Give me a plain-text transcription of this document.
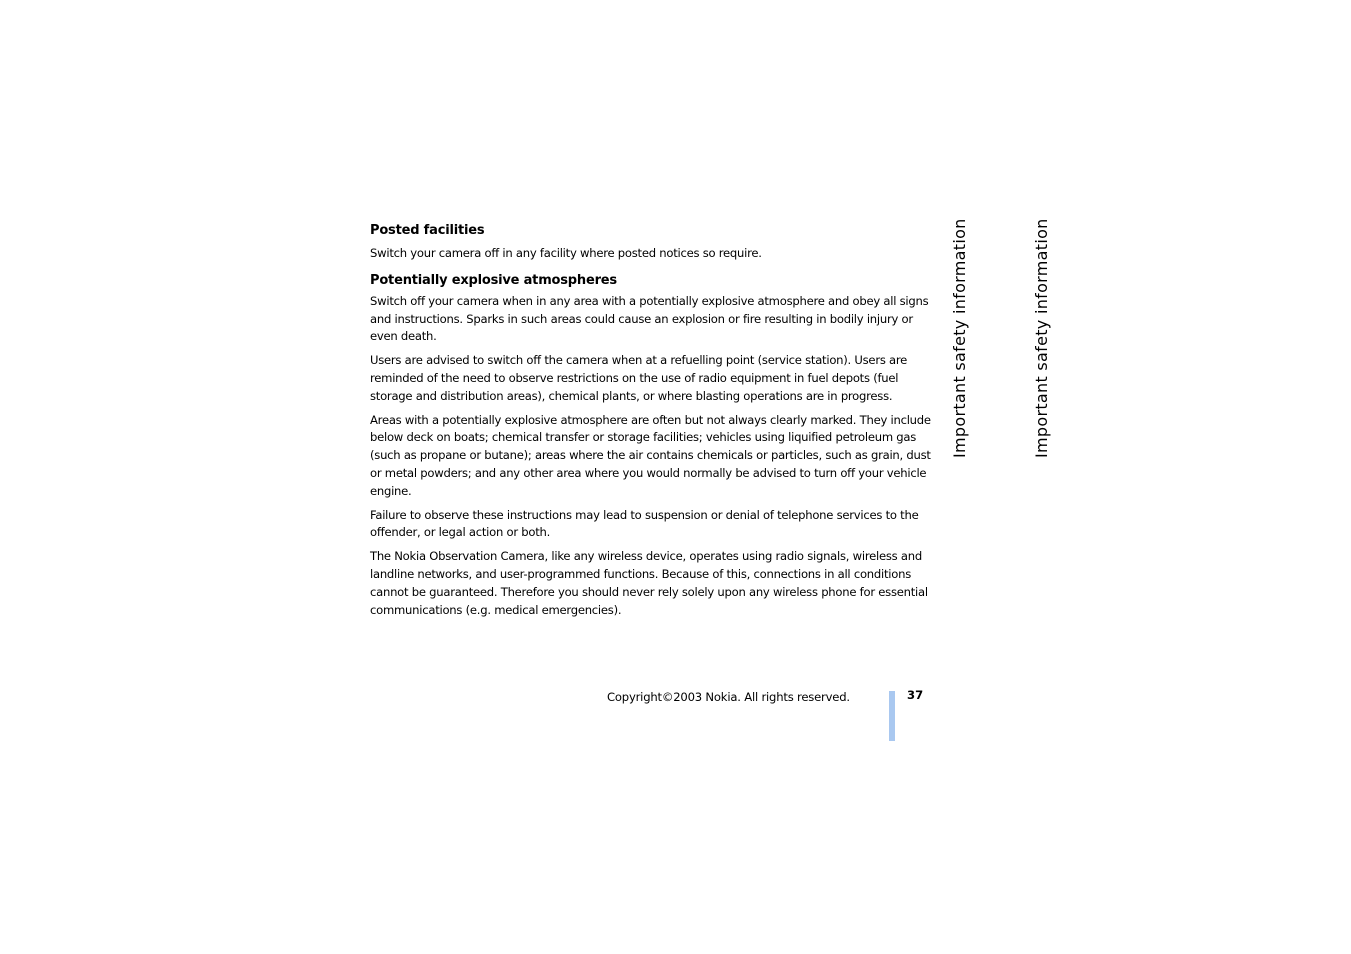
Posted facilities

Switch your camera off in any facility where posted notices so require.

Potentially explosive atmospheres

Switch off your camera when in any area with a potentially explosive atmosphere and obey all signs and instructions. Sparks in such areas could cause an explosion or fire resulting in bodily injury or even death.

Users are advised to switch off the camera when at a refuelling point (service station). Users are reminded of the need to observe restrictions on the use of radio equipment in fuel depots (fuel storage and distribution areas), chemical plants, or where blasting operations are in progress.

Areas with a potentially explosive atmosphere are often but not always clearly marked. They include below deck on boats; chemical transfer or storage facilities; vehicles using liquified petroleum gas (such as propane or butane); areas where the air contains chemicals or particles, such as grain, dust or metal powders; and any other area where you would normally be advised to turn off your vehicle engine.

Failure to observe these instructions may lead to suspension or denial of telephone services to the offender, or legal action or both.

The Nokia Observation Camera, like any wireless device, operates using radio signals, wireless and landline networks, and user-programmed functions. Because of this, connections in all conditions cannot be guaranteed. Therefore you should never rely solely upon any wireless phone for essential communications (e.g. medical emergencies).

Important safety information	Important safety information
Copyright©2003 Nokia. All rights reserved.	37
